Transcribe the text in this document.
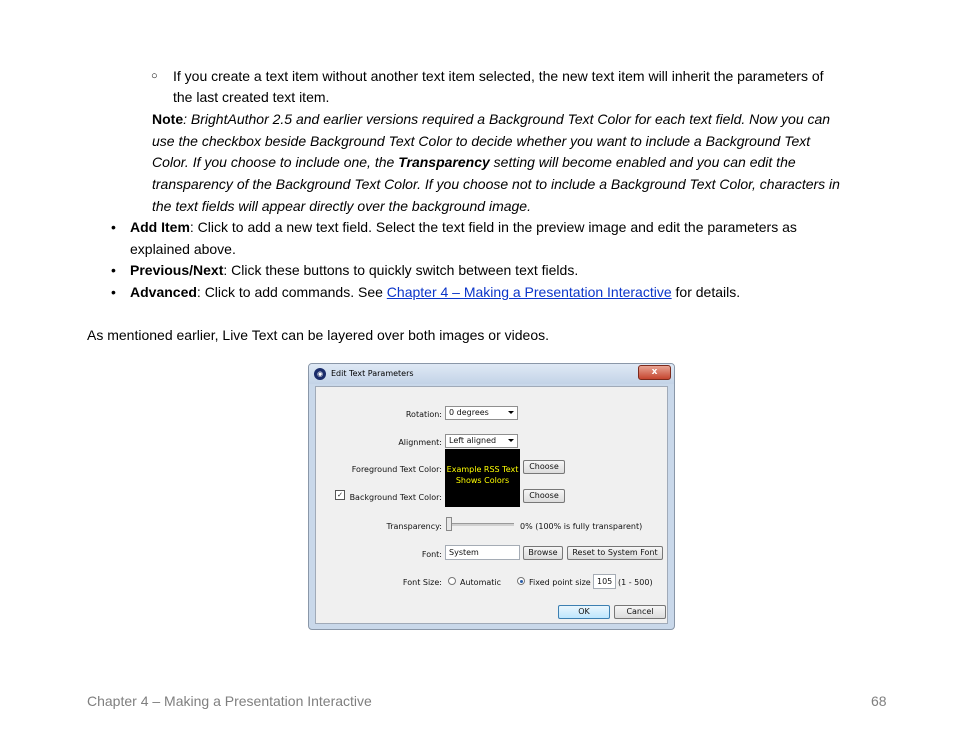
○ If you create a text item without another text item selected, the new text item will inherit the parameters of
the last created text item.
Note: BrightAuthor 2.5 and earlier versions required a Background Text Color for each text field. Now you can
use the checkbox beside Background Text Color to decide whether you want to include a Background Text
Color. If you choose to include one, the Transparency setting will become enabled and you can edit the
transparency of the Background Text Color. If you choose not to include a Background Text Color, characters in
the text fields will appear directly over the background image.
• Add Item: Click to add a new text field. Select the text field in the preview image and edit the parameters as
explained above.
• Previous/Next: Click these buttons to quickly switch between text fields.
• Advanced: Click to add commands. See Chapter 4 – Making a Presentation Interactive for details.
As mentioned earlier, Live Text can be layered over both images or videos.
◉ Edit Text Parameters	x
Rotation: 0 degrees
Alignment: Left aligned
Foreground Text Color: Example RSS Text
Shows Colors
Choose
✓ Background Text Color:	Choose
Transparency:	0% (100% is fully transparent)
Font: System	Browse	Reset to System Font
Font Size: Automatic	Fixed point size 105 (1 - 500)
OK	Cancel
Chapter 4 – Making a Presentation Interactive	68
